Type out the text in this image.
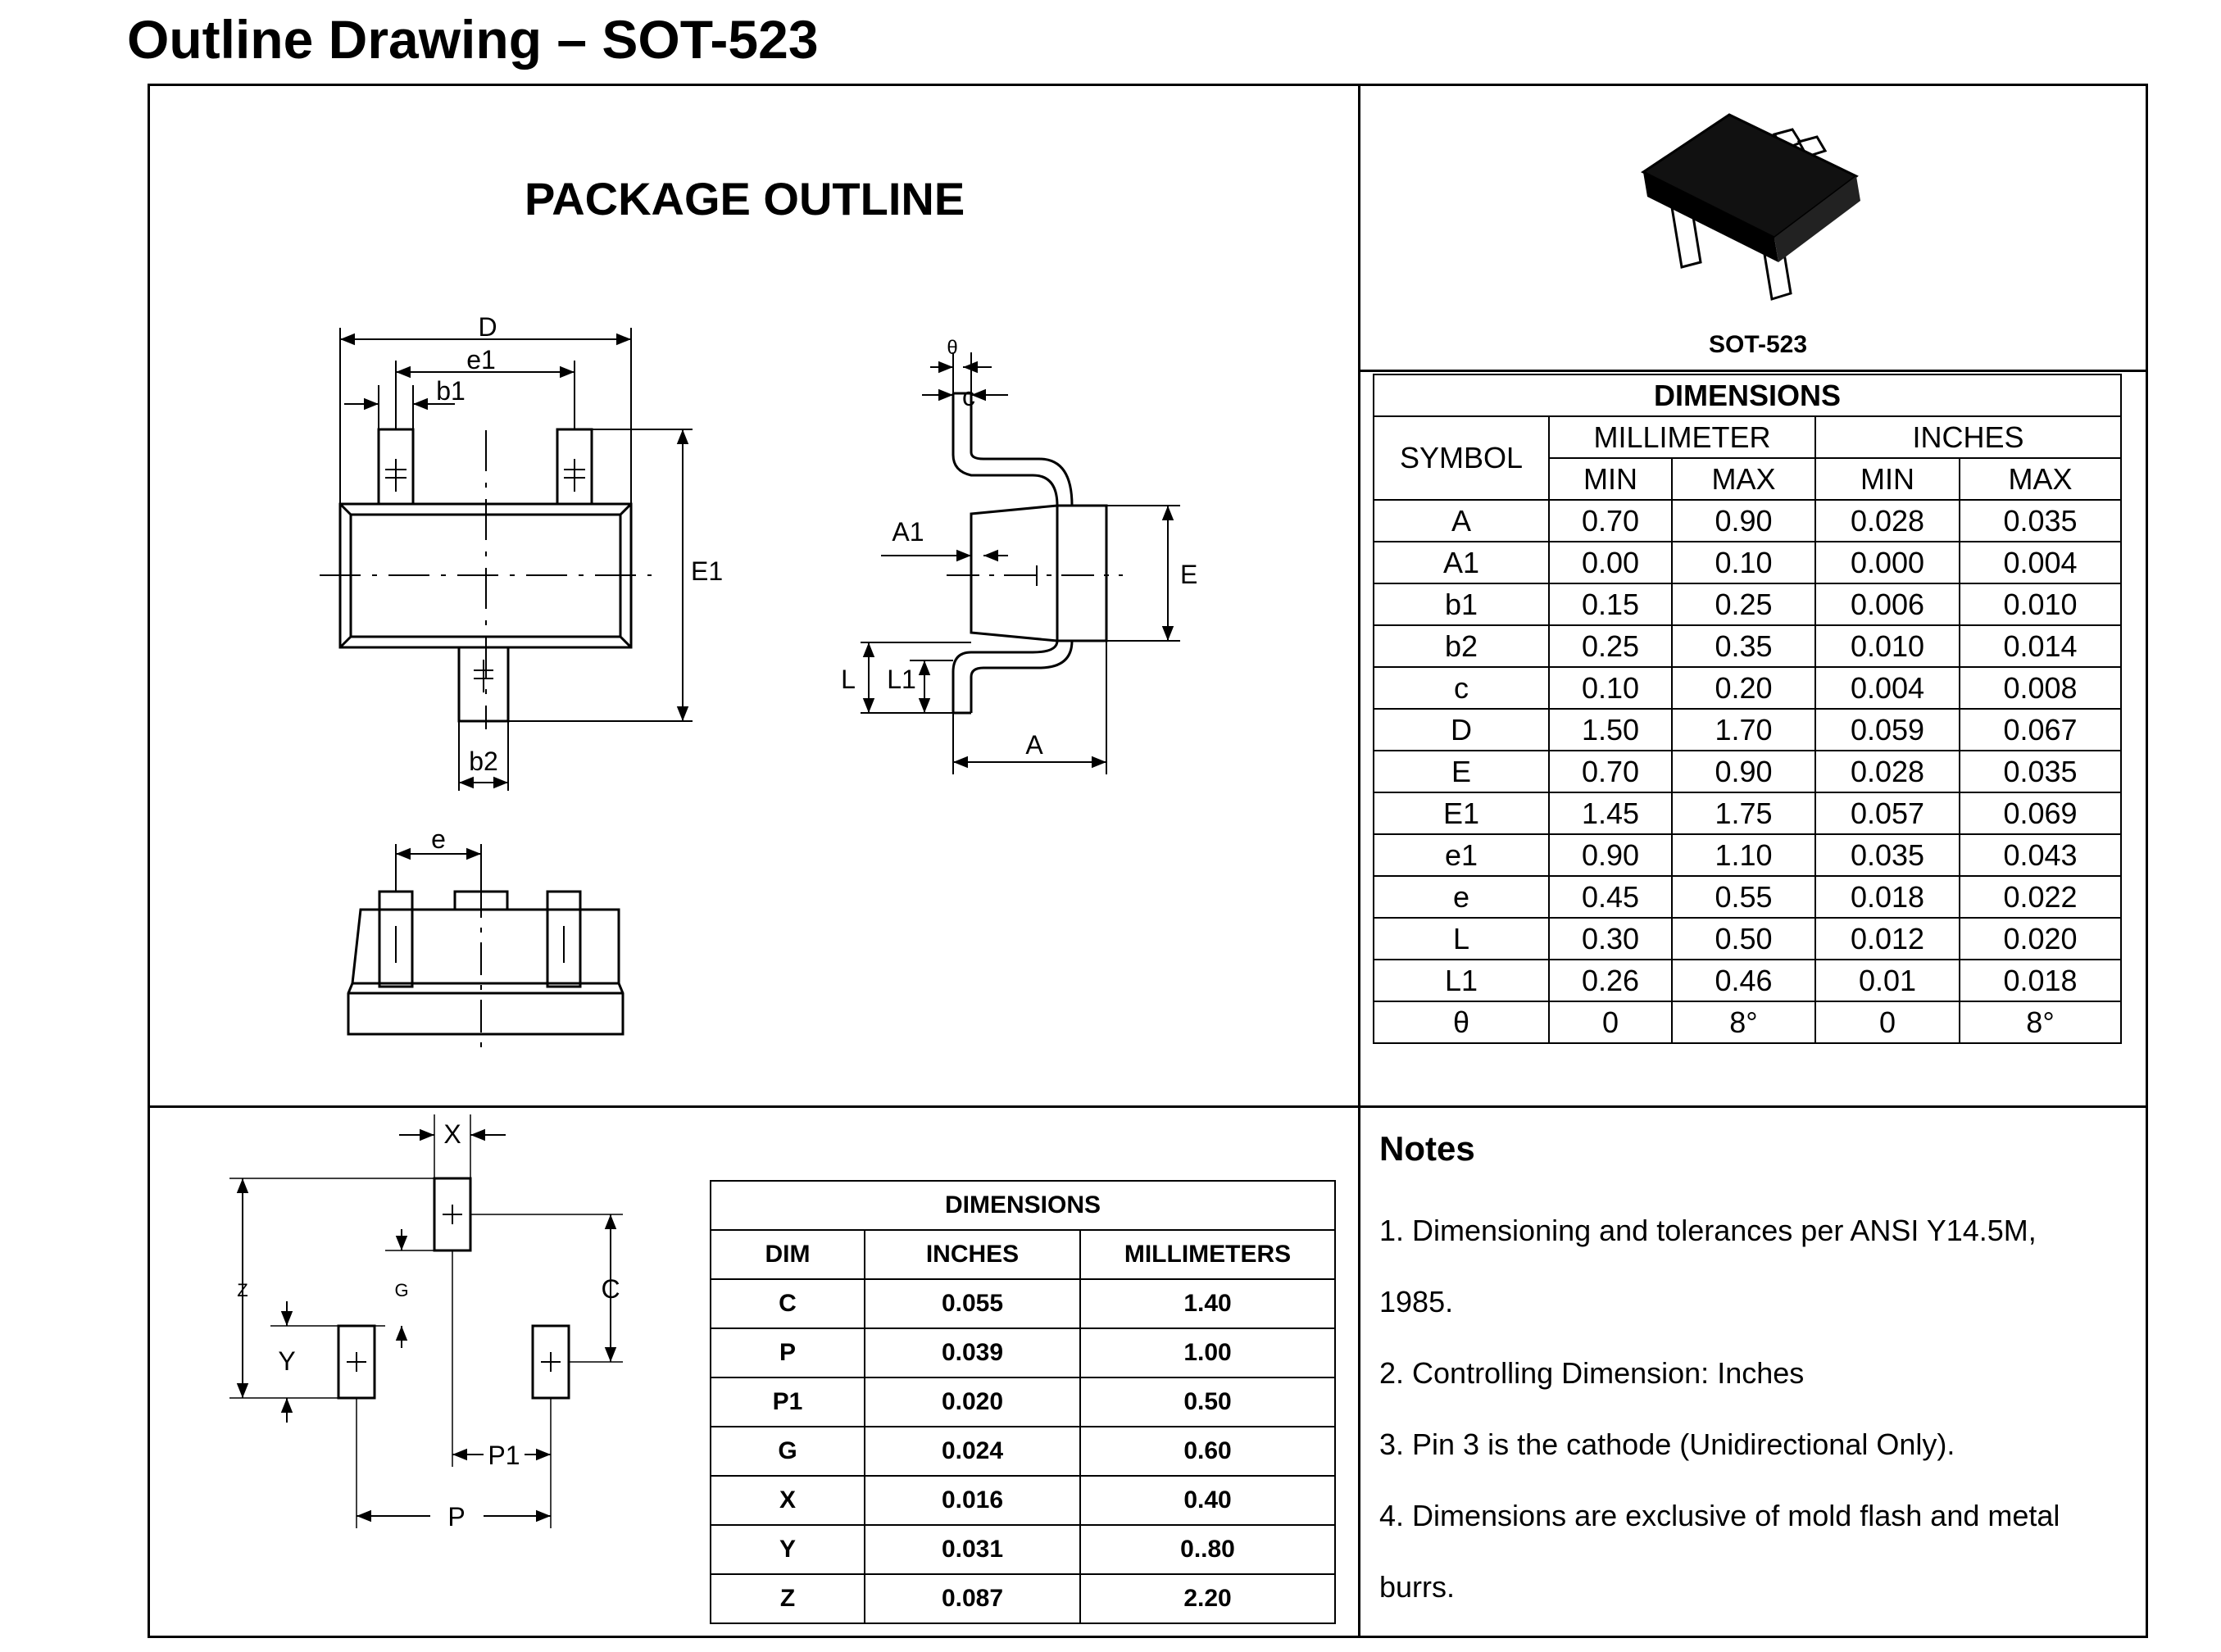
Outline Drawing – SOT-523
PACKAGE OUTLINE
D
e1
b1
E1
b2
θ
c
A1
E
L L1
A
e
X
Z	G	C
Y
P1
P
SOT-523
DIMENSIONS				
SYMBOL	MILLIMETER		INCHES	
	MIN	MAX	MIN	MAX
A	0.70	0.90	0.028	0.035
A1	0.00	0.10	0.000	0.004
b1	0.15	0.25	0.006	0.010
b2	0.25	0.35	0.010	0.014
c	0.10	0.20	0.004	0.008
D	1.50	1.70	0.059	0.067
E	0.70	0.90	0.028	0.035
E1	1.45	1.75	0.057	0.069
e1	0.90	1.10	0.035	0.043
e	0.45	0.55	0.018	0.022
L	0.30	0.50	0.012	0.020
L1	0.26	0.46	0.01	0.018
θ	0	8°	0	8°
DIMENSIONS		
DIM	INCHES	MILLIMETERS
C	0.055	1.40
P	0.039	1.00
P1	0.020	0.50
G	0.024	0.60
X	0.016	0.40
Y	0.031	0..80
Z	0.087	2.20
Notes
1. Dimensioning and tolerances per ANSI Y14.5M,
1985.
2. Controlling Dimension: Inches
3. Pin 3 is the cathode (Unidirectional Only).
4. Dimensions are exclusive of mold flash and metal
burrs.
